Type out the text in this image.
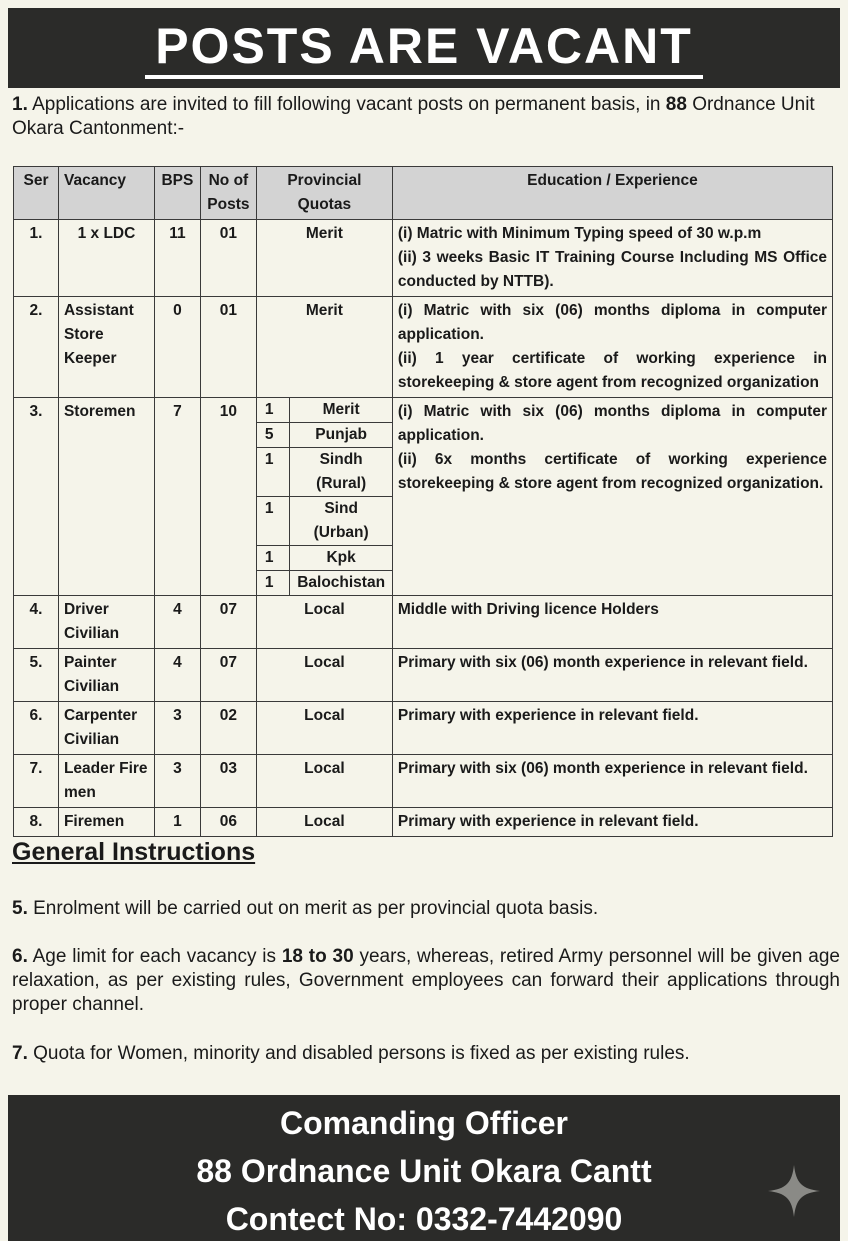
POSTS ARE VACANT
1. Applications are invited to fill following vacant posts on permanent basis, in 88 Ordnance Unit Okara Cantonment:-
Ser	Vacancy	BPS	No of Posts	Provincial Quotas	Education / Experience
1.	1 x LDC	11	01	Merit	(i) Matric with Minimum Typing speed of 30 w.p.m
(ii) 3 weeks Basic IT Training Course Including MS Office conducted by NTTB).

2.	Assistant Store Keeper	0	01	Merit	(i) Matric with six (06) months diploma in computer application.
(ii) 1 year certificate of working experience in storekeeping & store agent from recognized organization

3.	Storemen	7	10	1	Merit
5	Punjab
1	Sindh (Rural)
1	Sind (Urban)
1	Kpk
1	Balochistan

(i) Matric with six (06) months diploma in computer application.
(ii) 6x months certificate of working experience storekeeping & store agent from recognized organization.

4.	Driver Civilian	4	07	Local	Middle with Driving licence Holders

5.	Painter Civilian	4	07	Local	Primary with six (06) month experience in relevant field.

6.	Carpenter Civilian	3	02	Local	Primary with experience in relevant field.

7.	Leader Fire men	3	03	Local	Primary with six (06) month experience in relevant field.

8.	Firemen	1	06	Local	Primary with experience in relevant field.
General Instructions
5. Enrolment will be carried out on merit as per provincial quota basis.
6. Age limit for each vacancy is 18 to 30 years, whereas, retired Army personnel will be given age relaxation, as per existing rules, Government employees can forward their applications through proper channel.
7. Quota for Women, minority and disabled persons is fixed as per existing rules.
Comanding Officer
88 Ordnance Unit Okara Cantt
Contect No: 0332-7442090
